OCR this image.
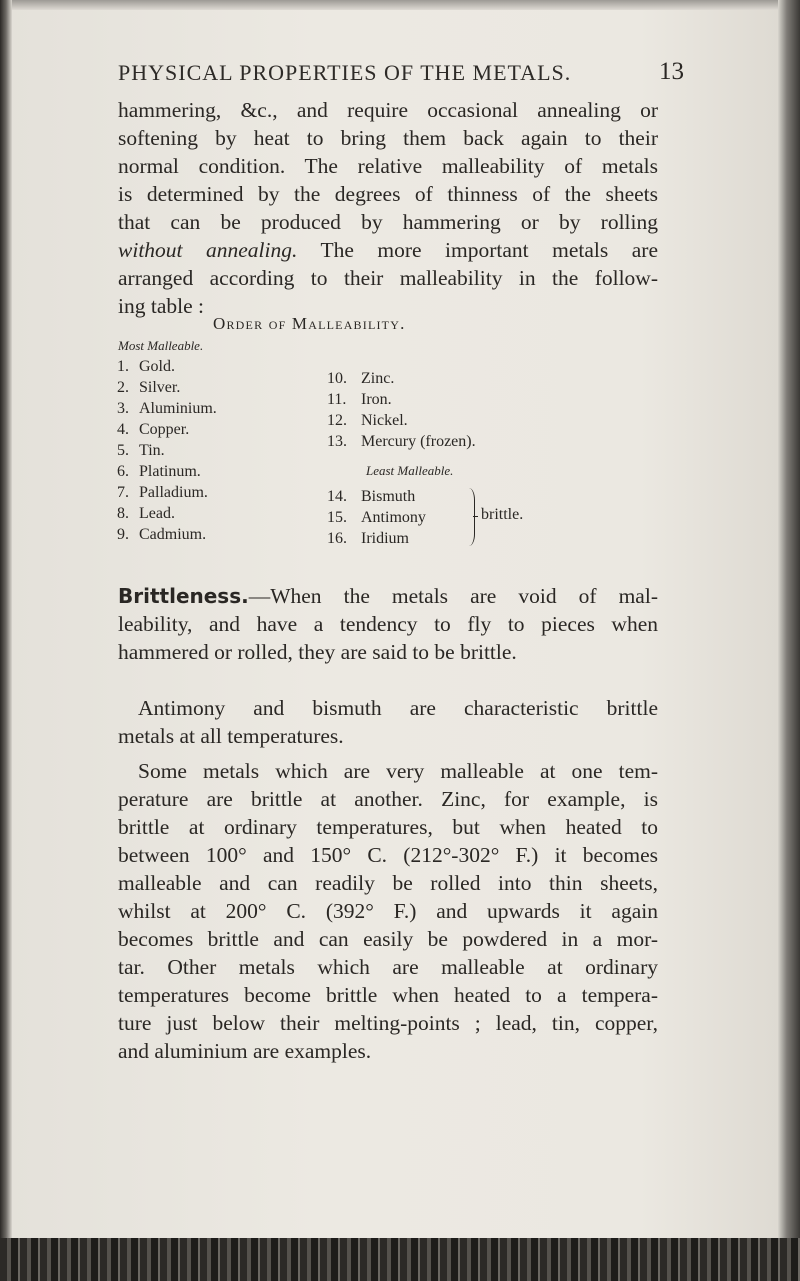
PHYSICAL PROPERTIES OF THE METALS.	13
hammering, &c., and require occasional annealing or
softening by heat to bring them back again to their
normal condition. The relative malleability of metals
is determined by the degrees of thinness of the sheets
that can be produced by hammering or by rolling
without annealing. The more important metals are
arranged according to their malleability in the follow-
ing table :
Order of Malleability.
Most Malleable.
1. Gold.
2. Silver.
3. Aluminium.
4. Copper.
5. Tin.
6. Platinum.
7. Palladium.
8. Lead.
9. Cadmium.
10. Zinc.
11. Iron.
12. Nickel.
13. Mercury (frozen).
Least Malleable.
14. Bismuth
15. Antimony
16. Iridium
brittle.
Brittleness.—When the metals are void of mal-
leability, and have a tendency to fly to pieces when
hammered or rolled, they are said to be brittle.
Antimony and bismuth are characteristic brittle
metals at all temperatures.
Some metals which are very malleable at one tem-
perature are brittle at another. Zinc, for example, is
brittle at ordinary temperatures, but when heated to
between 100° and 150° C. (212°-302° F.) it becomes
malleable and can readily be rolled into thin sheets,
whilst at 200° C. (392° F.) and upwards it again
becomes brittle and can easily be powdered in a mor-
tar. Other metals which are malleable at ordinary
temperatures become brittle when heated to a tempera-
ture just below their melting-points ; lead, tin, copper,
and aluminium are examples.
